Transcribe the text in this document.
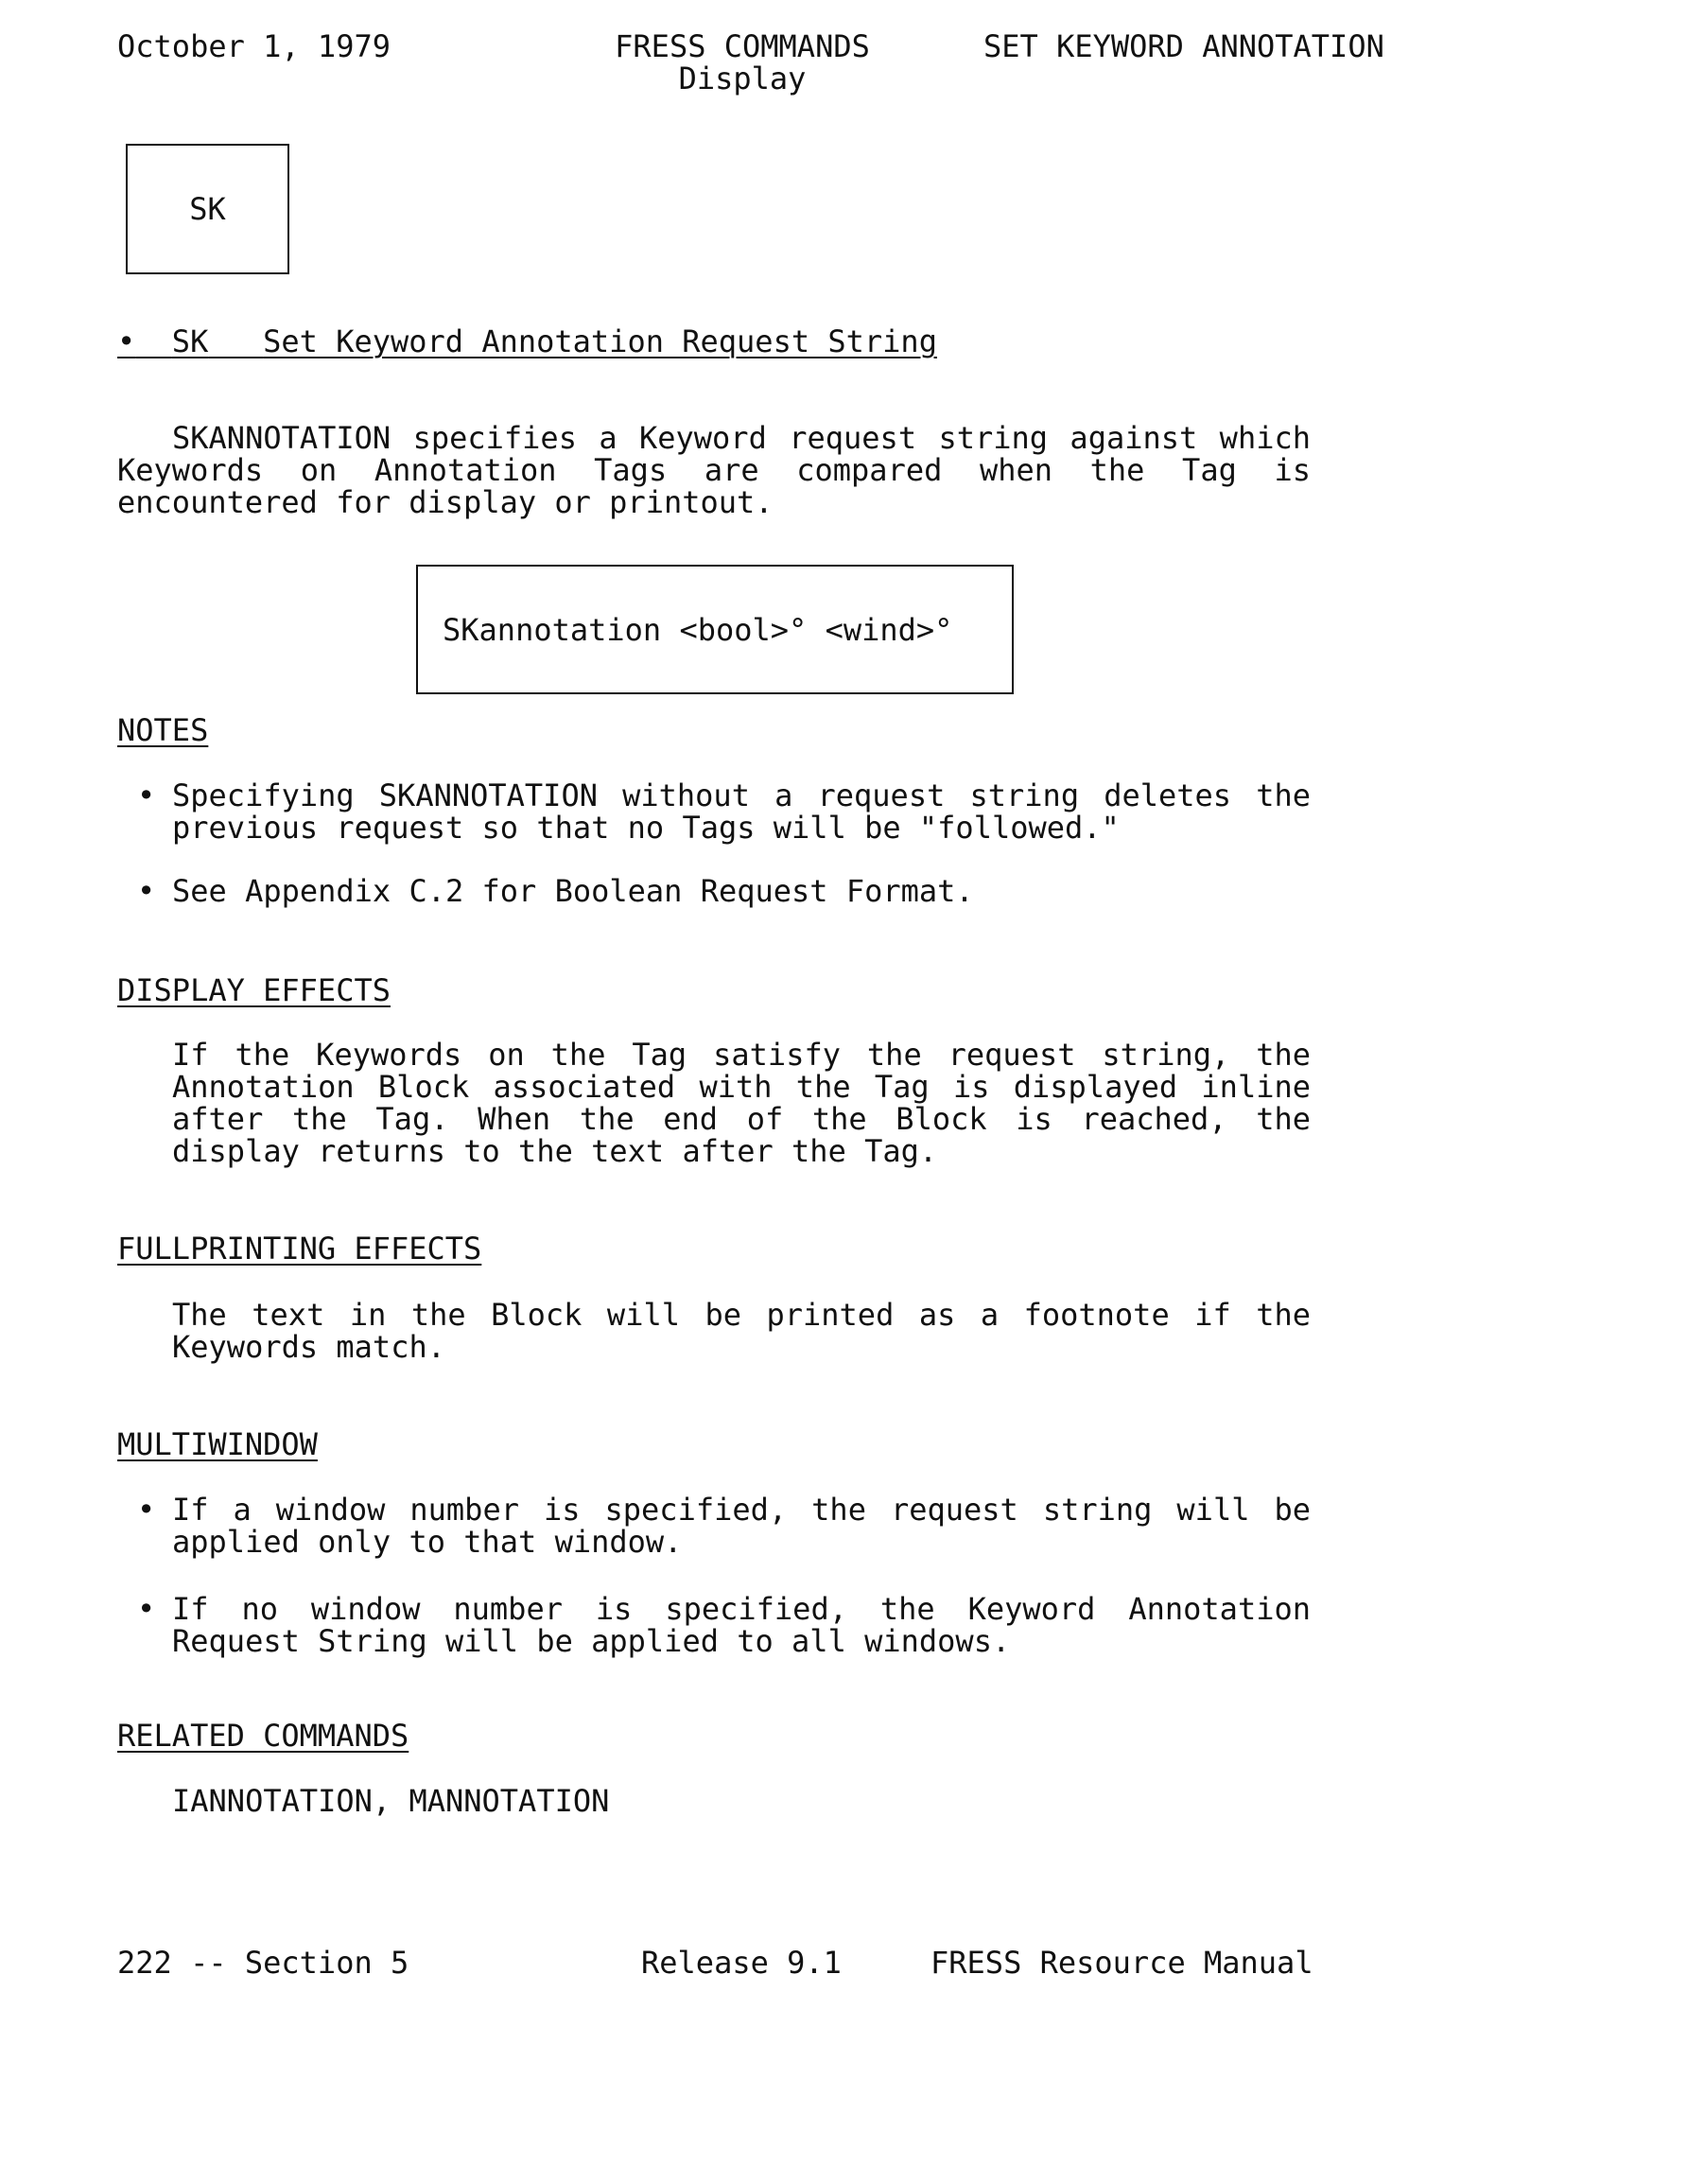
October 1, 1979	FRESS COMMANDS
Display
SET KEYWORD ANNOTATION
SK
• SK Set Keyword Annotation Request String
SKANNOTATION specifies a Keyword request string against which Keywords on Annotation Tags are compared when the Tag is encountered for display or printout.
SKannotation <bool>° <wind>°
NOTES
• Specifying SKANNOTATION without a request string deletes the previous request so that no Tags will be "followed."
• See Appendix C.2 for Boolean Request Format.
DISPLAY EFFECTS
If the Keywords on the Tag satisfy the request string, the Annotation Block associated with the Tag is displayed inline after the Tag. When the end of the Block is reached, the display returns to the text after the Tag.
FULLPRINTING EFFECTS
The text in the Block will be printed as a footnote if the Keywords match.
MULTIWINDOW
• If a window number is specified, the request string will be applied only to that window.
• If no window number is specified, the Keyword Annotation Request String will be applied to all windows.
RELATED COMMANDS
IANNOTATION, MANNOTATION
222 -- Section 5	Release 9.1	FRESS Resource Manual
